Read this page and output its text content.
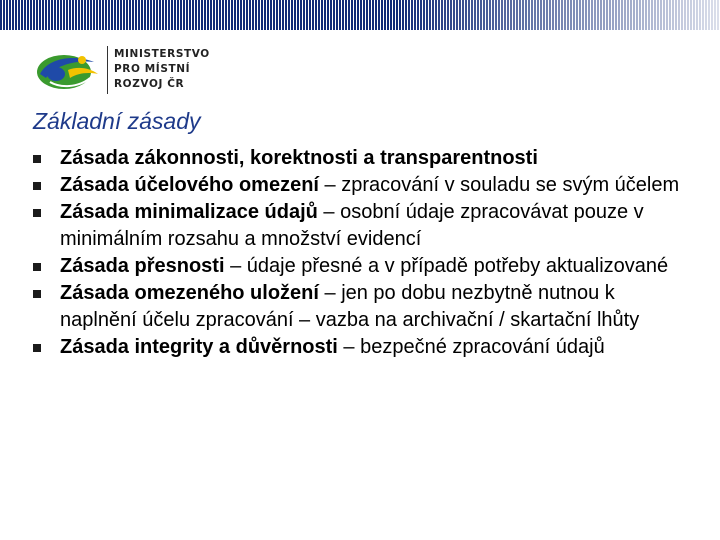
MINISTERSTVO
PRO MÍSTNÍ
ROZVOJ ČR
Základní zásady
Zásada zákonnosti, korektnosti a transparentnosti
Zásada účelového omezení – zpracování v souladu se svým účelem
Zásada minimalizace údajů – osobní údaje zpracovávat pouze v minimálním rozsahu a množství evidencí
Zásada přesnosti – údaje přesné a v případě potřeby aktualizované
Zásada omezeného uložení – jen po dobu nezbytně nutnou k naplnění účelu zpracování – vazba na archivační / skartační lhůty
Zásada integrity a důvěrnosti – bezpečné zpracování údajů
